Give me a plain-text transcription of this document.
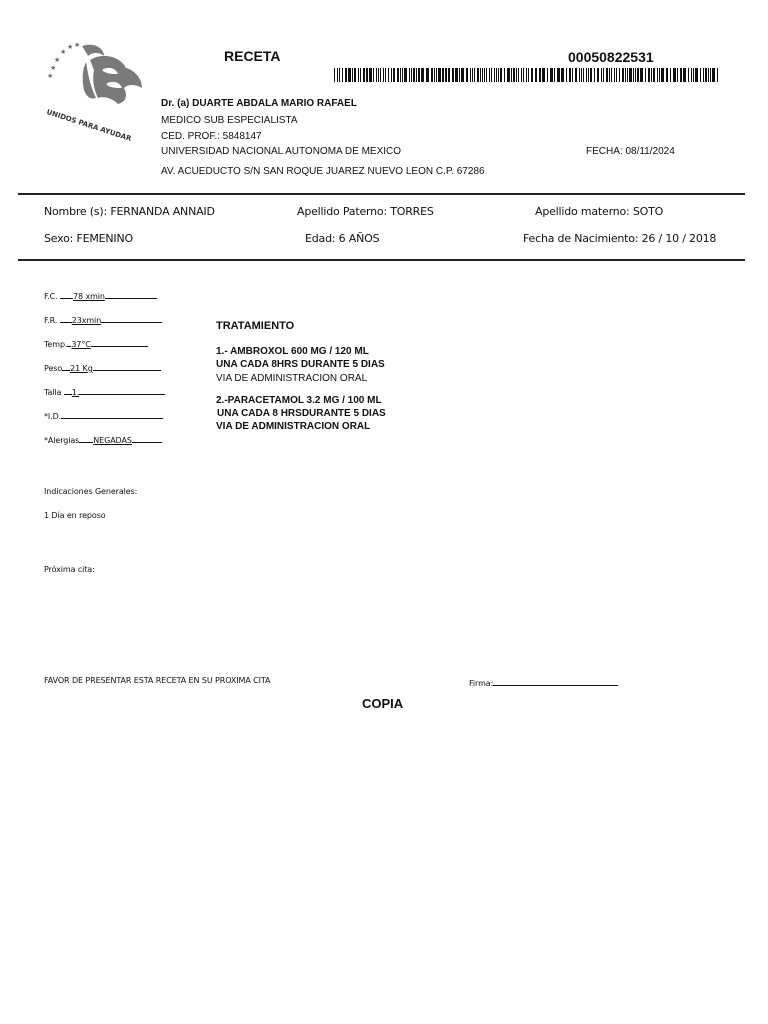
★
★
★
★
★ ★
UNIDOS PARA AYUDAR
RECETA	00050822531
Dr. (a) DUARTE ABDALA MARIO RAFAEL
MEDICO SUB ESPECIALISTA
CED. PROF.: 5848147
UNIVERSIDAD NACIONAL AUTONOMA DE MEXICO	FECHA: 08/11/2024
AV. ACUEDUCTO S/N SAN ROQUE JUAREZ NUEVO LEON C.P. 67286
Nombre (s): FERNANDA ANNAID	Apellido Paterno: TORRES	Apellido materno: SOTO
Sexo: FEMENINO	Edad: 6 AÑOS	Fecha de Nacimiento: 26 / 10 / 2018
F.C. 78 xmin
F.R. 23xmin
Temp. 37°C
Peso 21 Kg
Talla 1.
*I.D.
*Alergias NEGADAS
TRATAMIENTO
1.- AMBROXOL 600 MG / 120 ML
UNA CADA 8HRS DURANTE 5 DIAS
VIA DE ADMINISTRACION ORAL
2.-PARACETAMOL 3.2 MG / 100 ML
UNA CADA 8 HRSDURANTE 5 DIAS
VIA DE ADMINISTRACION ORAL
Indicaciones Generales:
1 Día en reposo
Próxima cita:
FAVOR DE PRESENTAR ESTA RECETA EN SU PROXIMA CITA	Firma:
COPIA
